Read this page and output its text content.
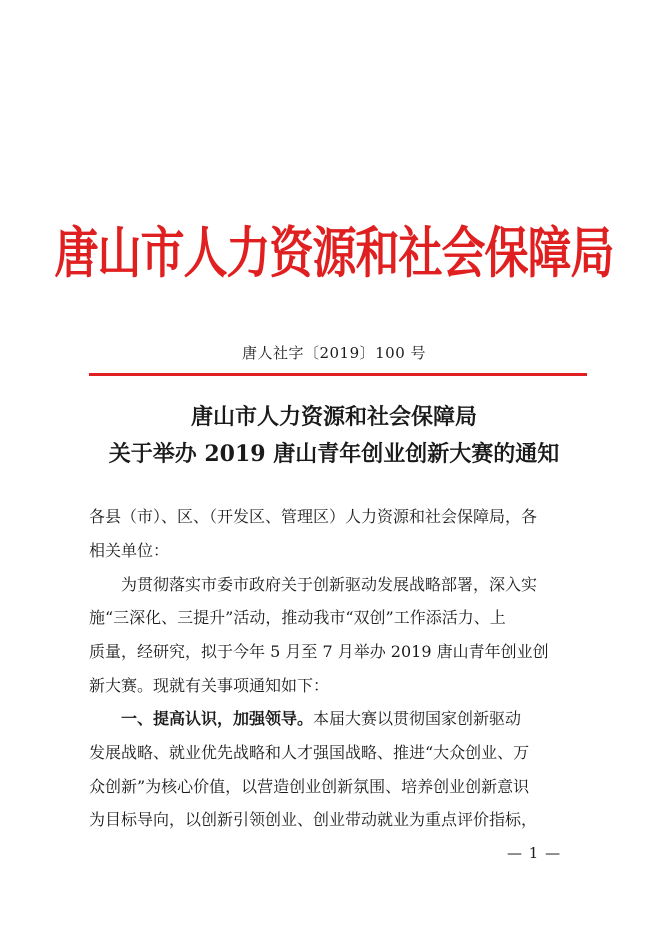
唐山市人力资源和社会保障局
唐人社字〔2019〕100 号
唐山市人力资源和社会保障局
关于举办 2019 唐山青年创业创新大赛的通知
各县（市）、区、（开发区、管理区）人力资源和社会保障局，各
相关单位：
　　为贯彻落实市委市政府关于创新驱动发展战略部署，深入实
施“三深化、三提升”活动，推动我市“双创”工作添活力、上
质量，经研究，拟于今年 5 月至 7 月举办 2019 唐山青年创业创
新大赛。现就有关事项通知如下：
　　一、提高认识，加强领导。本届大赛以贯彻国家创新驱动
发展战略、就业优先战略和人才强国战略、推进“大众创业、万
众创新”为核心价值，以营造创业创新氛围、培养创业创新意识
为目标导向，以创新引领创业、创业带动就业为重点评价指标，
— 1 —
